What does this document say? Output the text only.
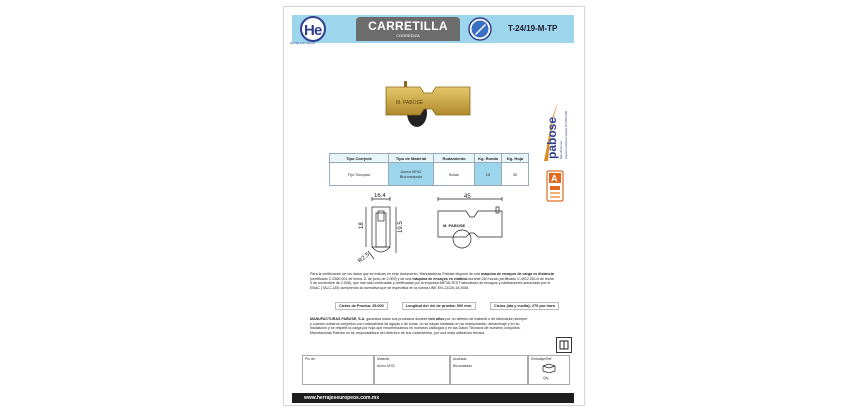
H e
Herrajes Europeos
CARRETILLA
CORREDIZA
T-24/19-M-TP
M. PABOSE
pabose Manufacturas Empresa Certificada Registro ISO 9001:2008
A
Tipo Corrjede	Tipo de Material	Rodamiento	Kg. Rueda	Kg. Hoja
Fijo Sinopiar	Acero AF02 Bicromatado	Bolas	15	30
16.4
18	19.5
R2.5
45
M. PABOSE
Para la certificación de los datos que se indican en este documento, Manufacturas Pabose dispone de una máquina de ensayos de carga vs distancia (certificado C-0360.001 de fecha 11 de junio de 2.009) y de una máquina de ensayos en estática durante 240 horas (certificado C-4912.001/4 de fecha 4 de noviembre de 2.008), que han sido verificadas y certificadas por la empresa METALTEST laboratorio de ensayos y calibraciones autorizado por el ENAC (TALC-135) cumpliendo la normativa que se especifica en la norma UNE EN-13126-15:2008.
Ciclos de Prueba: 25.000	Longitud del riel de prueba: 500 mm.	Ciclos (ida y vuelta): 270 por hora
MANUFACTURAS PABOSE, S.A. garantiza todos sus productos durante tres años por un defecto de material o de fabricación siempre y cuando nuestros conjuntos con rodamientos de agujas ó de bolas, no se hayan instalado en su manipulación, almacenaje y en su instalación y se respete la carga por hoja que recomendamos en nuestros catálogos y en las Datos Técnicos de nuestros conjuntos. Manufacturas Pabose no se responsabiliza del deterioro de sus rodamientos, por una mala utilización técnica.
Pin de:	Material:
Acero AF02
Acabado:
Bicromatado
Embalaje/Ref:
Qty.
www.herrajeseuropeos.com.mx
